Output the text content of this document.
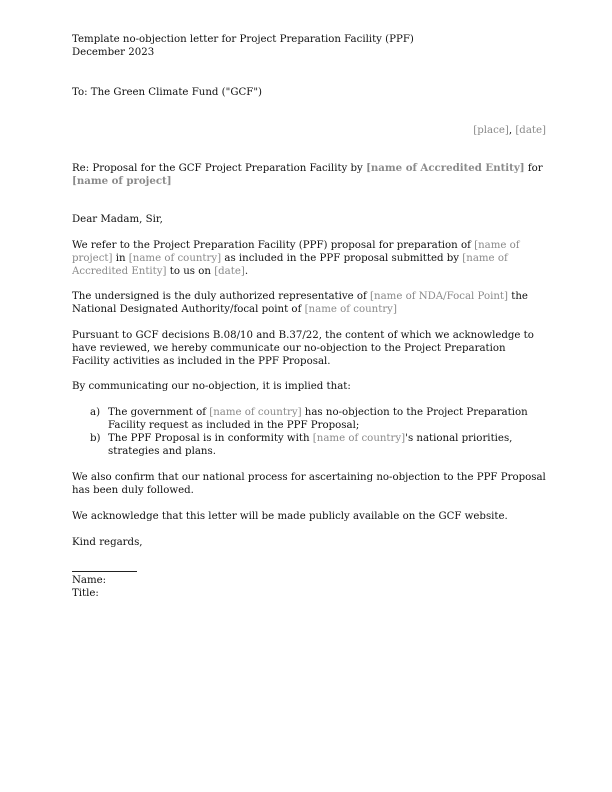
Template no-objection letter for Project Preparation Facility (PPF)
December 2023
To: The Green Climate Fund ("GCF")
[place], [date]
Re: Proposal for the GCF Project Preparation Facility by [name of Accredited Entity] for [name of project]
Dear Madam, Sir,
We refer to the Project Preparation Facility (PPF) proposal for preparation of [name of project] in [name of country] as included in the PPF proposal submitted by [name of Accredited Entity] to us on [date].
The undersigned is the duly authorized representative of [name of NDA/Focal Point] the National Designated Authority/focal point of [name of country]
Pursuant to GCF decisions B.08/10 and B.37/22, the content of which we acknowledge to have reviewed, we hereby communicate our no-objection to the Project Preparation Facility activities as included in the PPF Proposal.
By communicating our no-objection, it is implied that:
a) The government of [name of country] has no-objection to the Project Preparation Facility request as included in the PPF Proposal;
b) The PPF Proposal is in conformity with [name of country]'s national priorities, strategies and plans.
We also confirm that our national process for ascertaining no-objection to the PPF Proposal has been duly followed.
We acknowledge that this letter will be made publicly available on the GCF website.
Kind regards,
Name:
Title:
